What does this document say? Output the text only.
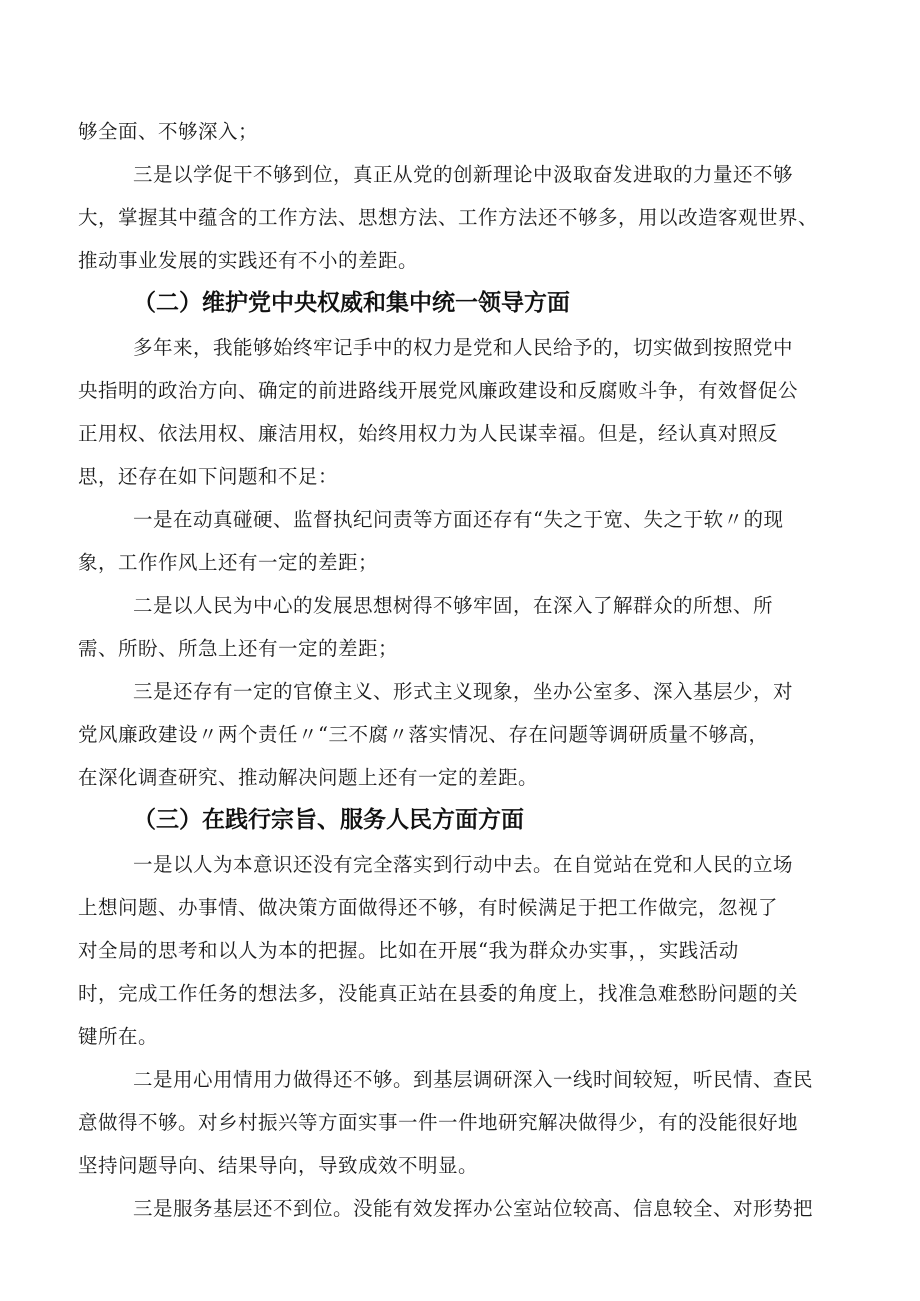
够全面、不够深入；
三是以学促干不够到位，真正从党的创新理论中汲取奋发进取的力量还不够
大，掌握其中蕴含的工作方法、思想方法、工作方法还不够多，用以改造客观世界、
推动事业发展的实践还有不小的差距。
（二）维护党中央权威和集中统一领导方面
多年来，我能够始终牢记手中的权力是党和人民给予的，切实做到按照党中
央指明的政治方向、确定的前进路线开展党风廉政建设和反腐败斗争，有效督促公
正用权、依法用权、廉洁用权，始终用权力为人民谋幸福。但是，经认真对照反
思，还存在如下问题和不足：
一是在动真碰硬、监督执纪问责等方面还存有“失之于宽、失之于软〃的现
象，工作作风上还有一定的差距；
二是以人民为中心的发展思想树得不够牢固，在深入了解群众的所想、所
需、所盼、所急上还有一定的差距；
三是还存有一定的官僚主义、形式主义现象，坐办公室多、深入基层少，对
党风廉政建设〃两个责任〃“三不腐〃落实情况、存在问题等调研质量不够高，
在深化调查研究、推动解决问题上还有一定的差距。
（三）在践行宗旨、服务人民方面方面
一是以人为本意识还没有完全落实到行动中去。在自觉站在党和人民的立场
上想问题、办事情、做决策方面做得还不够，有时候满足于把工作做完，忽视了
对全局的思考和以人为本的把握。比如在开展“我为群众办实事，，实践活动
时，完成工作任务的想法多，没能真正站在县委的角度上，找准急难愁盼问题的关
键所在。
二是用心用情用力做得还不够。到基层调研深入一线时间较短，听民情、查民
意做得不够。对乡村振兴等方面实事一件一件地研究解决做得少，有的没能很好地
坚持问题导向、结果导向，导致成效不明显。
三是服务基层还不到位。没能有效发挥办公室站位较高、信息较全、对形势把
